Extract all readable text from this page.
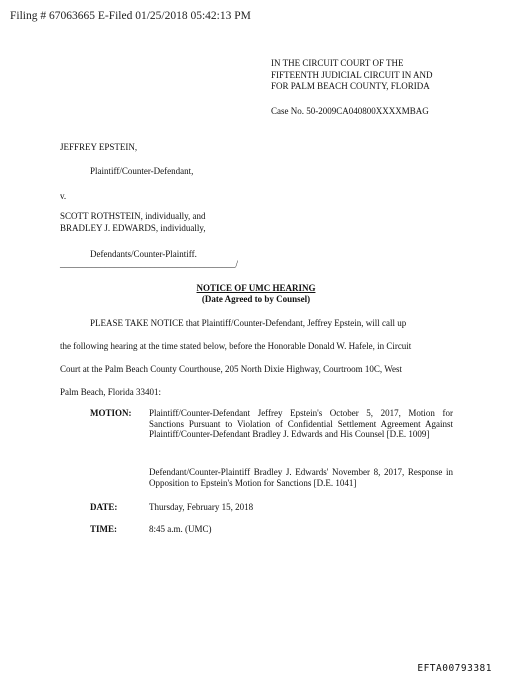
Filing # 67063665 E-Filed 01/25/2018 05:42:13 PM
IN THE CIRCUIT COURT OF THE
FIFTEENTH JUDICIAL CIRCUIT IN AND
FOR PALM BEACH COUNTY, FLORIDA
Case No. 50-2009CA040800XXXXMBAG
JEFFREY EPSTEIN,
Plaintiff/Counter-Defendant,
v.
SCOTT ROTHSTEIN, individually, and
BRADLEY J. EDWARDS, individually,
Defendants/Counter-Plaintiff.
_______________________________________/
NOTICE OF UMC HEARING
(Date Agreed to by Counsel)
PLEASE TAKE NOTICE that Plaintiff/Counter-Defendant, Jeffrey Epstein, will call up
the following hearing at the time stated below, before the Honorable Donald W. Hafele, in Circuit
Court at the Palm Beach County Courthouse, 205 North Dixie Highway, Courtroom 10C, West
Palm Beach, Florida 33401:
MOTION: Plaintiff/Counter-Defendant Jeffrey Epstein's October 5, 2017, Motion for Sanctions Pursuant to Violation of Confidential Settlement Agreement Against Plaintiff/Counter-Defendant Bradley J. Edwards and His Counsel [D.E. 1009]
Defendant/Counter-Plaintiff Bradley J. Edwards' November 8, 2017, Response in Opposition to Epstein's Motion for Sanctions [D.E. 1041]
DATE:	Thursday, February 15, 2018
TIME:	8:45 a.m. (UMC)
EFTA00793381
